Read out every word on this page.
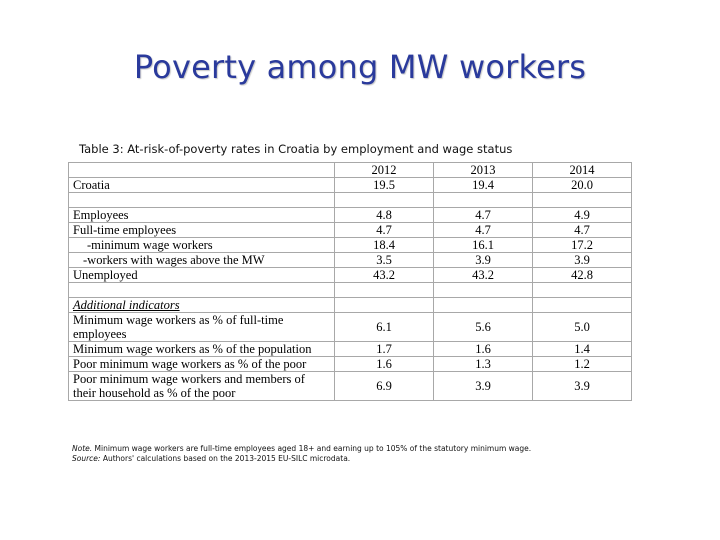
Poverty among MW workers
Table 3: At-risk-of-poverty rates in Croatia by employment and wage status
	2012	2013	2014
Croatia	19.5	19.4	20.0

Employees	4.8	4.7	4.9
Full-time employees	4.7	4.7	4.7
-minimum wage workers	18.4	16.1	17.2
-workers with wages above the MW	3.5	3.9	3.9
Unemployed	43.2	43.2	42.8

Additional indicators			
Minimum wage workers as % of full-time employees	6.1	5.6	5.0
Minimum wage workers as % of the population	1.7	1.6	1.4
Poor minimum wage workers as % of the poor	1.6	1.3	1.2
Poor minimum wage workers and members of their household as % of the poor	6.9	3.9	3.9
Note. Minimum wage workers are full-time employees aged 18+ and earning up to 105% of the statutory minimum wage.
Source: Authors' calculations based on the 2013-2015 EU-SILC microdata.
